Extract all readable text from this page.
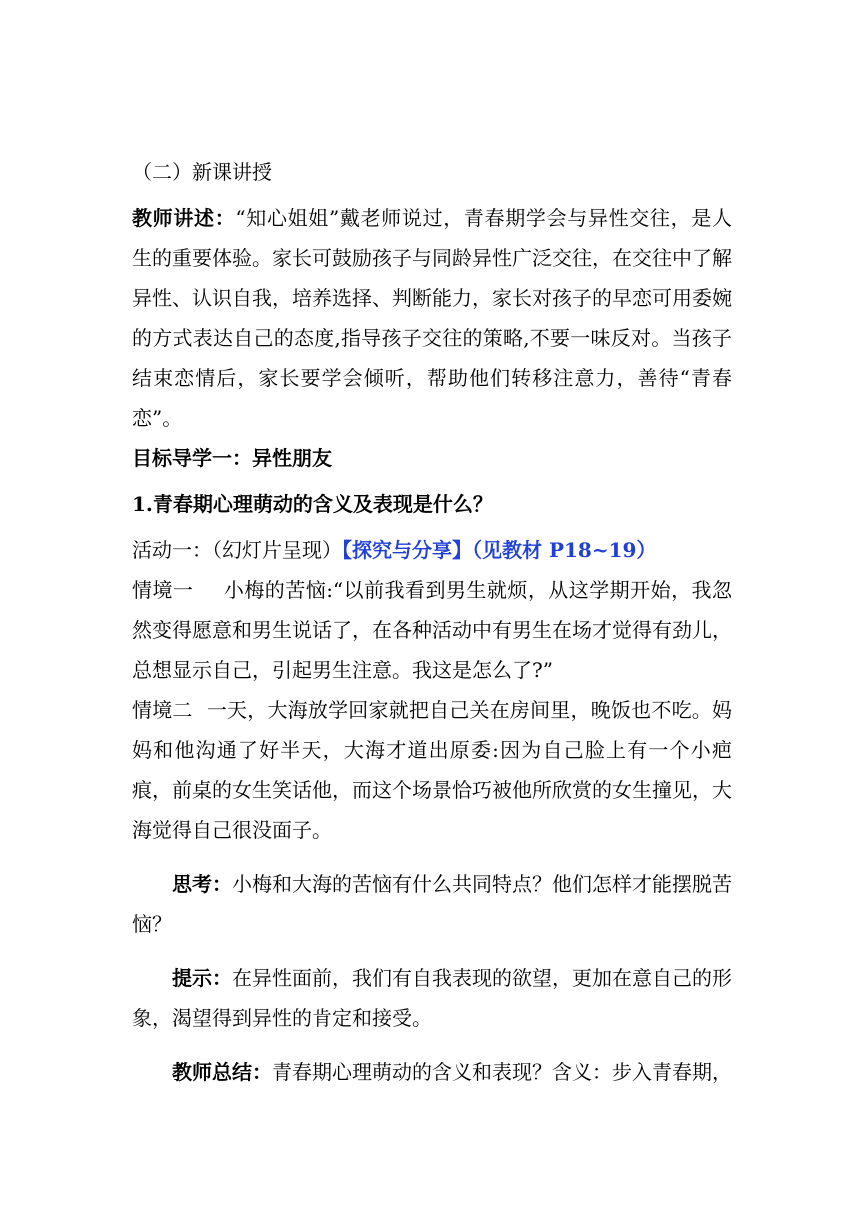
（二）新课讲授
教师讲述：“知心姐姐”戴老师说过，青春期学会与异性交往，是人生的重要体验。家长可鼓励孩子与同龄异性广泛交往，在交往中了解异性、认识自我，培养选择、判断能力，家长对孩子的早恋可用委婉的方式表达自己的态度,指导孩子交往的策略,不要一味反对。当孩子结束恋情后，家长要学会倾听，帮助他们转移注意力，善待“青春恋”。
目标导学一：异性朋友
1.青春期心理萌动的含义及表现是什么？
活动一：（幻灯片呈现）【探究与分享】（见教材 P18~19）
情境一 小梅的苦恼:“以前我看到男生就烦，从这学期开始，我忽然变得愿意和男生说话了，在各种活动中有男生在场才觉得有劲儿，总想显示自己，引起男生注意。我这是怎么了?”
情境二 一天，大海放学回家就把自己关在房间里，晚饭也不吃。妈妈和他沟通了好半天，大海才道出原委:因为自己脸上有一个小疤痕，前桌的女生笑话他，而这个场景恰巧被他所欣赏的女生撞见，大海觉得自己很没面子。
思考：小梅和大海的苦恼有什么共同特点？他们怎样才能摆脱苦恼？
提示：在异性面前，我们有自我表现的欲望，更加在意自己的形象，渴望得到异性的肯定和接受。
教师总结：青春期心理萌动的含义和表现？含义：步入青春期，
